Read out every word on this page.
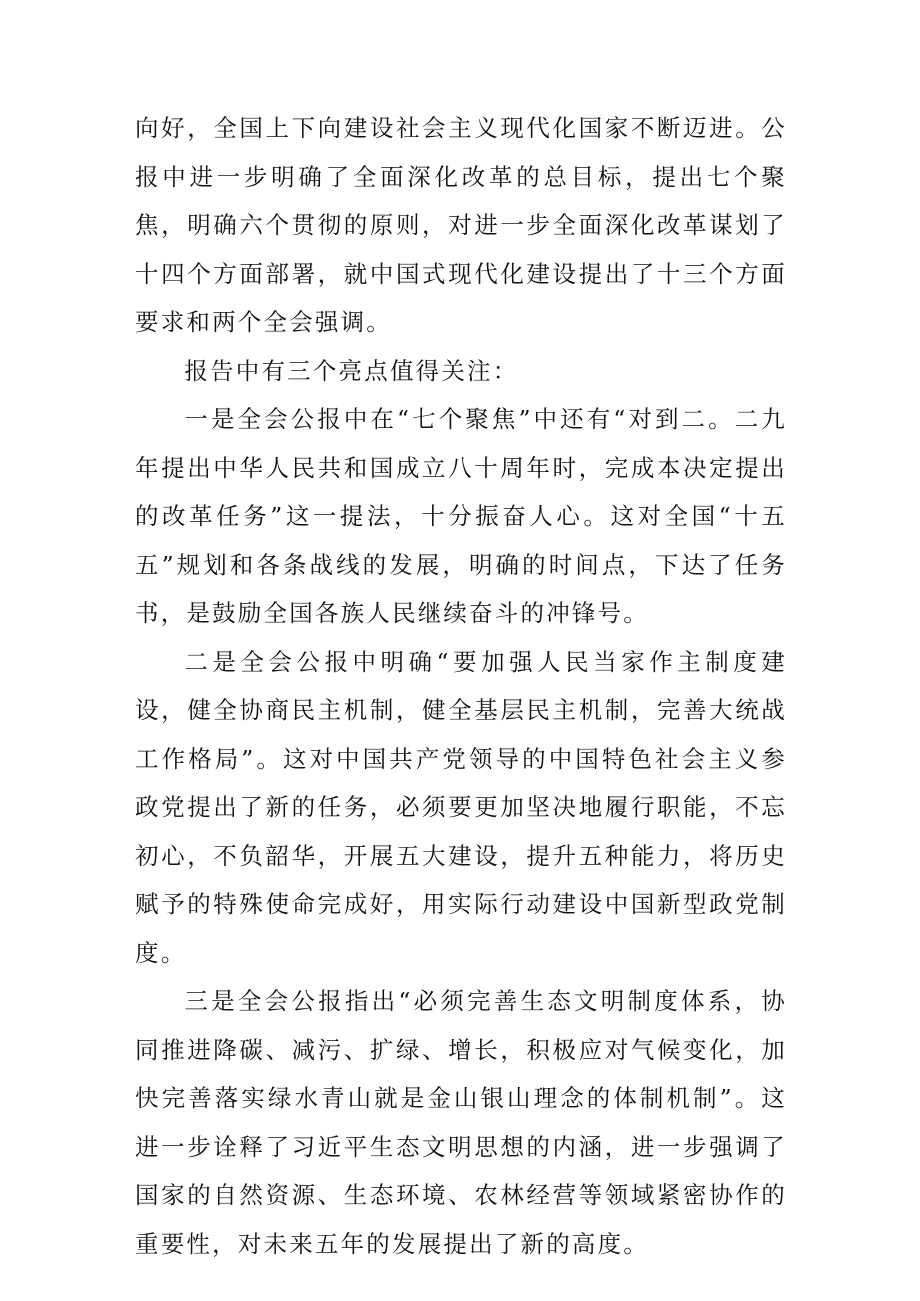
向好，全国上下向建设社会主义现代化国家不断迈进。公报中进一步明确了全面深化改革的总目标，提出七个聚焦，明确六个贯彻的原则，对进一步全面深化改革谋划了十四个方面部署，就中国式现代化建设提出了十三个方面要求和两个全会强调。

报告中有三个亮点值得关注：

一是全会公报中在“七个聚焦”中还有“对到二。二九年提出中华人民共和国成立八十周年时，完成本决定提出的改革任务”这一提法，十分振奋人心。这对全国“十五五”规划和各条战线的发展，明确的时间点，下达了任务书，是鼓励全国各族人民继续奋斗的冲锋号。

二是全会公报中明确“要加强人民当家作主制度建设，健全协商民主机制，健全基层民主机制，完善大统战工作格局”。这对中国共产党领导的中国特色社会主义参政党提出了新的任务，必须要更加坚决地履行职能，不忘初心，不负韶华，开展五大建设，提升五种能力，将历史赋予的特殊使命完成好，用实际行动建设中国新型政党制度。

三是全会公报指出“必须完善生态文明制度体系，协同推进降碳、减污、扩绿、增长，积极应对气候变化，加快完善落实绿水青山就是金山银山理念的体制机制”。这进一步诠释了习近平生态文明思想的内涵，进一步强调了国家的自然资源、生态环境、农林经营等领域紧密协作的重要性，对未来五年的发展提出了新的高度。
